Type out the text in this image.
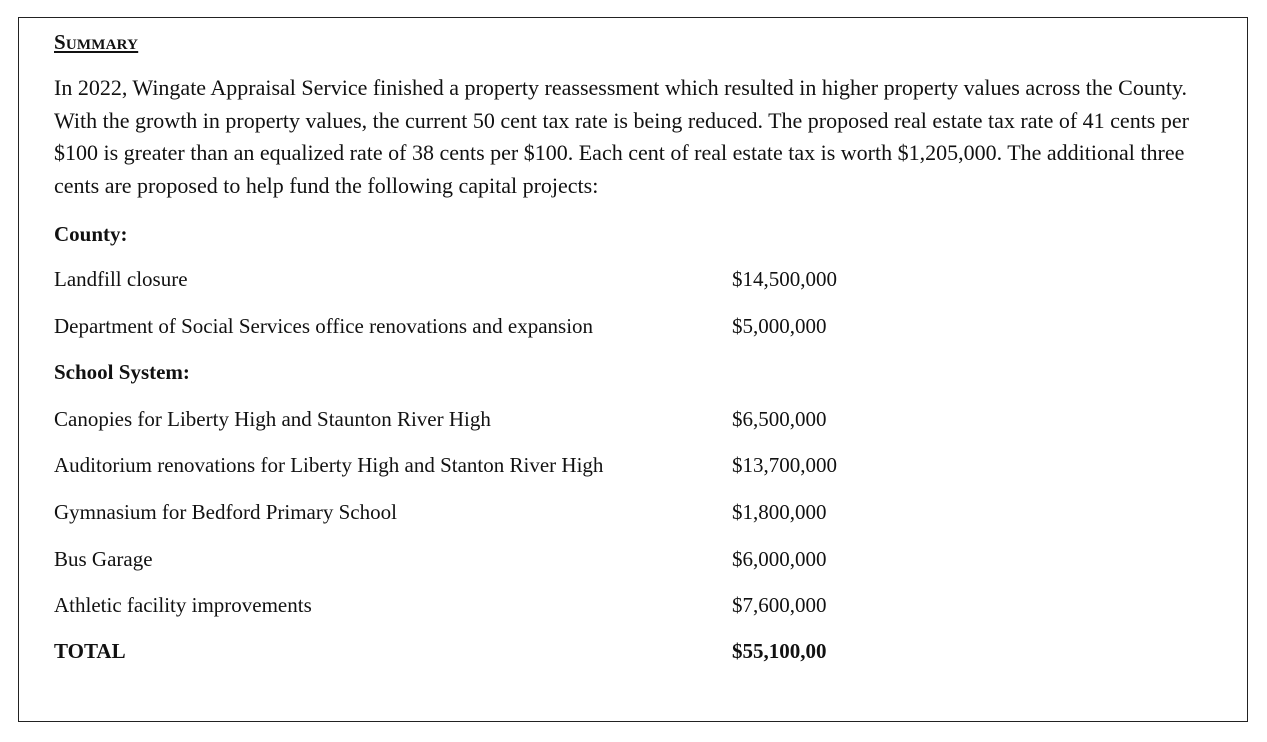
Summary

In 2022, Wingate Appraisal Service finished a property reassessment which resulted in higher property values across the County. With the growth in property values, the current 50 cent tax rate is being reduced. The proposed real estate tax rate of 41 cents per $100 is greater than an equalized rate of 38 cents per $100. Each cent of real estate tax is worth $1,205,000. The additional three cents are proposed to help fund the following capital projects:

County:
Landfill closure	$14,500,000
Department of Social Services office renovations and expansion	$5,000,000
School System:
Canopies for Liberty High and Staunton River High	$6,500,000
Auditorium renovations for Liberty High and Stanton River High	$13,700,000
Gymnasium for Bedford Primary School	$1,800,000
Bus Garage	$6,000,000
Athletic facility improvements	$7,600,000
TOTAL	$55,100,00
